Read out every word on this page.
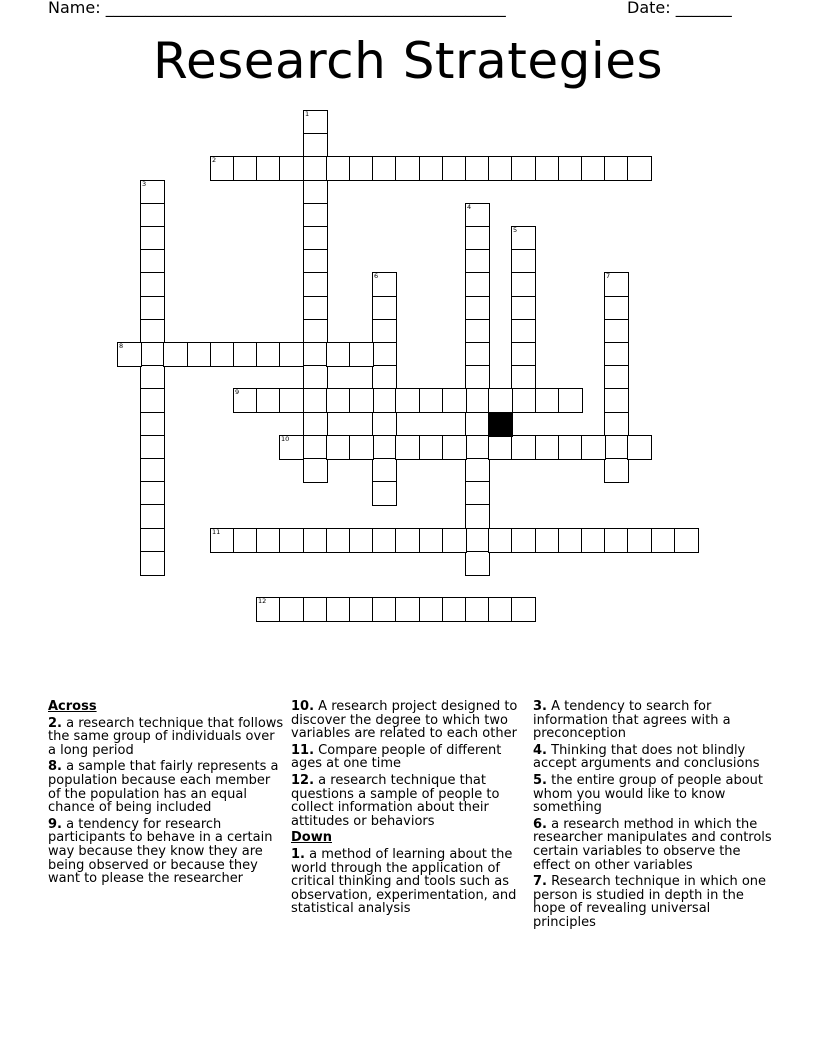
Name: __________________________________________________	Date: _______
Research Strategies
1
2
3
4
5
6	7
8
9
10
11
12

Across

2. a research technique that follows the same group of individuals over a long period

8. a sample that fairly represents a population because each member of the population has an equal chance of being included

9. a tendency for research participants to behave in a certain way because they know they are being observed or because they want to please the researcher

10. A research project designed to discover the degree to which two variables are related to each other

11. Compare people of different ages at one time

12. a research technique that questions a sample of people to collect information about their attitudes or behaviors

Down

1. a method of learning about the world through the application of critical thinking and tools such as observation, experimentation, and statistical analysis

3. A tendency to search for information that agrees with a preconception

4. Thinking that does not blindly accept arguments and conclusions

5. the entire group of people about whom you would like to know something

6. a research method in which the researcher manipulates and controls certain variables to observe the effect on other variables

7. Research technique in which one person is studied in depth in the hope of revealing universal principles
